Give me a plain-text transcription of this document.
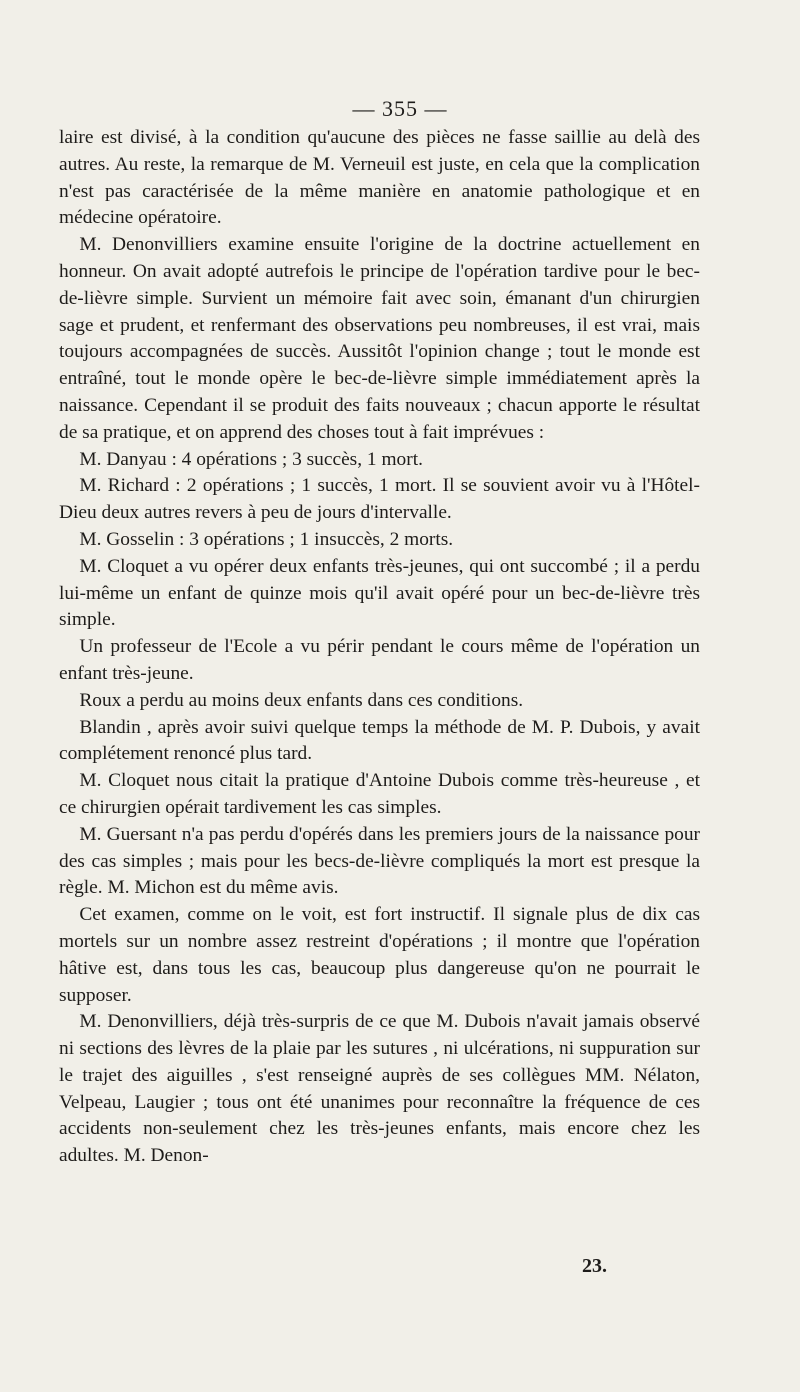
— 355 —

laire est divisé, à la condition qu'aucune des pièces ne fasse saillie au delà des autres. Au reste, la remarque de M. Verneuil est juste, en cela que la complication n'est pas caractérisée de la même manière en anatomie pathologique et en médecine opératoire.

M. Denonvilliers examine ensuite l'origine de la doctrine actuellement en honneur. On avait adopté autrefois le principe de l'opération tardive pour le bec-de-lièvre simple. Survient un mémoire fait avec soin, émanant d'un chirurgien sage et prudent, et renfermant des observations peu nombreuses, il est vrai, mais toujours accompagnées de succès. Aussitôt l'opinion change ; tout le monde est entraîné, tout le monde opère le bec-de-lièvre simple immédiatement après la naissance. Cependant il se produit des faits nouveaux ; chacun apporte le résultat de sa pratique, et on apprend des choses tout à fait imprévues :

M. Danyau : 4 opérations ; 3 succès, 1 mort.

M. Richard : 2 opérations ; 1 succès, 1 mort. Il se souvient avoir vu à l'Hôtel-Dieu deux autres revers à peu de jours d'intervalle.

M. Gosselin : 3 opérations ; 1 insuccès, 2 morts.

M. Cloquet a vu opérer deux enfants très-jeunes, qui ont succombé ; il a perdu lui-même un enfant de quinze mois qu'il avait opéré pour un bec-de-lièvre très simple.

Un professeur de l'Ecole a vu périr pendant le cours même de l'opération un enfant très-jeune.

Roux a perdu au moins deux enfants dans ces conditions.

Blandin , après avoir suivi quelque temps la méthode de M. P. Dubois, y avait complétement renoncé plus tard.

M. Cloquet nous citait la pratique d'Antoine Dubois comme très-heureuse , et ce chirurgien opérait tardivement les cas simples.

M. Guersant n'a pas perdu d'opérés dans les premiers jours de la naissance pour des cas simples ; mais pour les becs-de-lièvre compliqués la mort est presque la règle. M. Michon est du même avis.

Cet examen, comme on le voit, est fort instructif. Il signale plus de dix cas mortels sur un nombre assez restreint d'opérations ; il montre que l'opération hâtive est, dans tous les cas, beaucoup plus dangereuse qu'on ne pourrait le supposer.

M. Denonvilliers, déjà très-surpris de ce que M. Dubois n'avait jamais observé ni sections des lèvres de la plaie par les sutures , ni ulcérations, ni suppuration sur le trajet des aiguilles , s'est renseigné auprès de ses collègues MM. Nélaton, Velpeau, Laugier ; tous ont été unanimes pour reconnaître la fréquence de ces accidents non-seulement chez les très-jeunes enfants, mais encore chez les adultes. M. Denon-

23.
